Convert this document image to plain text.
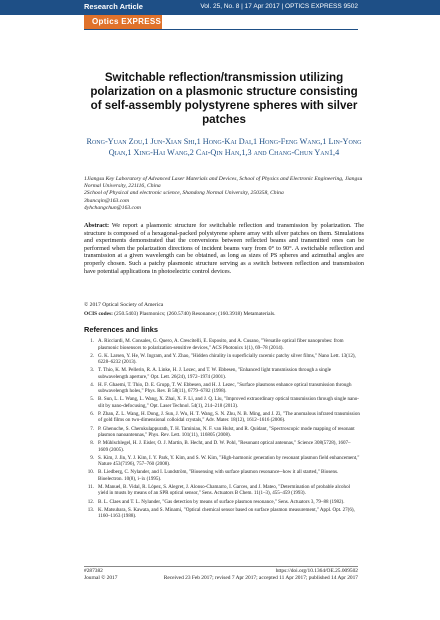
Research Article	Vol. 25, No. 8 | 17 Apr 2017 | OPTICS EXPRESS 9502
Optics EXPRESS
Switchable reflection/transmission utilizing polarization on a plasmonic structure consisting of self-assembly polystyrene spheres with silver patches
Rong-Yuan Zou,1 Jun-Xian Shi,1 Hong-Kai Dai,1 Hong-Feng Wang,1 Lin-Yong Qian,1 Xing-Hai Wang,2 Cai-Qin Han,1,3 and Chang-Chun Yan1,4
1Jiangsu Key Laboratory of Advanced Laser Materials and Devices, School of Physics and Electronic Engineering, Jiangsu Normal University, 221116, China
2School of Physical and electronic science, Shandong Normal University, 250358, China
3hancqin@163.com
4yhchangchun@163.com
Abstract: We report a plasmonic structure for switchable reflection and transmission by polarization. The structure is composed of a hexagonal-packed polystyrene sphere array with silver patches on them. Simulations and experiments demonstrated that the conversions between reflected beams and transmitted ones can be performed when the polarization directions of incident beams vary from 0° to 90°. A switchable reflection and transmission at a given wavelength can be obtained, as long as sizes of PS spheres and azimuthal angles are properly chosen. Such a patchy plasmonic structure serving as a switch between reflection and transmission have potential applications in photoelectric control devices.
© 2017 Optical Society of America
OCIS codes: (250.5403) Plasmonics; (260.5740) Resonance; (160.3918) Metamaterials.
References and links
1. A. Ricciardi, M. Consales, G. Quero, A. Crescitelli, E. Esposito, and A. Cusano, "Versatile optical fiber nanoprobes: from plasmonic biosensors to polarization-sensitive devices," ACS Photonics 1(1), 69–78 (2014).
2. G. K. Larsen, Y. He, W. Ingram, and Y. Zhao, "Hidden chirality in superficially racemic patchy silver films," Nano Lett. 13(12), 6228–6232 (2013).
3. T. Thio, K. M. Pellerin, R. A. Linke, H. J. Lezec, and T. W. Ebbesen, "Enhanced light transmission through a single subwavelength aperture," Opt. Lett. 26(24), 1972–1974 (2001).
4. H. F. Ghaemi, T. Thio, D. E. Grupp, T. W. Ebbesen, and H. J. Lezec, "Surface plasmons enhance optical transmission through subwavelength holes," Phys. Rev. B 58(11), 6779–6782 (1998).
5. B. Sun, L. L. Wang, L. Wang, X. Zhai, X. F. Li, and J. Q. Liu, "Improved extraordinary optical transmission through single nano-slit by nano-defocusing," Opt. Laser Technol. 54(1), 214–218 (2013).
6. P. Zhan, Z. L. Wang, H. Dong, J. Sun, J. Wu, H. T. Wang, S. N. Zhu, N. B. Ming, and J. Zi, "The anomalous infrared transmission of gold films on two-dimensional colloidal crystals," Adv. Mater. 18(12), 1612–1616 (2006).
7. P. Ghenuche, S. Cherukulappurath, T. H. Taminiau, N. F. van Hulst, and R. Quidant, "Spectroscopic mode mapping of resonant plasmon nanoantennas," Phys. Rev. Lett. 101(11), 116805 (2008).
8. P. Mühlschlegel, H. J. Eisler, O. J. Martin, B. Hecht, and D. W. Pohl, "Resonant optical antennas," Science 308(5728), 1607–1609 (2005).
9. S. Kim, J. Jin, Y. J. Kim, I. Y. Park, Y. Kim, and S. W. Kim, "High-harmonic generation by resonant plasmon field enhancement," Nature 453(7196), 757–760 (2008).
10. B. Liedberg, C. Nylander, and I. Lundström, "Biosensing with surface plasmon resonance--how it all started," Biosens. Bioelectron. 10(8), i–ix (1995).
11. M. Manuel, B. Vidal, R. López, S. Alegret, J. Alonso-Chamarro, I. Garces, and J. Mateo, "Determination of probable alcohol yield in musts by means of an SPR optical sensor," Sens. Actuators B Chem. 11(1–3), 455–459 (1993).
12. B. L. Claes and T. L. Nylander, "Gas detection by means of surface plasmon resonance," Sens. Actuators 3, 79–88 (1982).
13. K. Matsubara, S. Kawata, and S. Minami, "Optical chemical sensor based on surface plasmon measurement," Appl. Opt. 27(6), 1160–1163 (1988).
#287382
Journal © 2017
https://doi.org/10.1364/OE.25.009502
Received 23 Feb 2017; revised 7 Apr 2017; accepted 11 Apr 2017; published 14 Apr 2017
